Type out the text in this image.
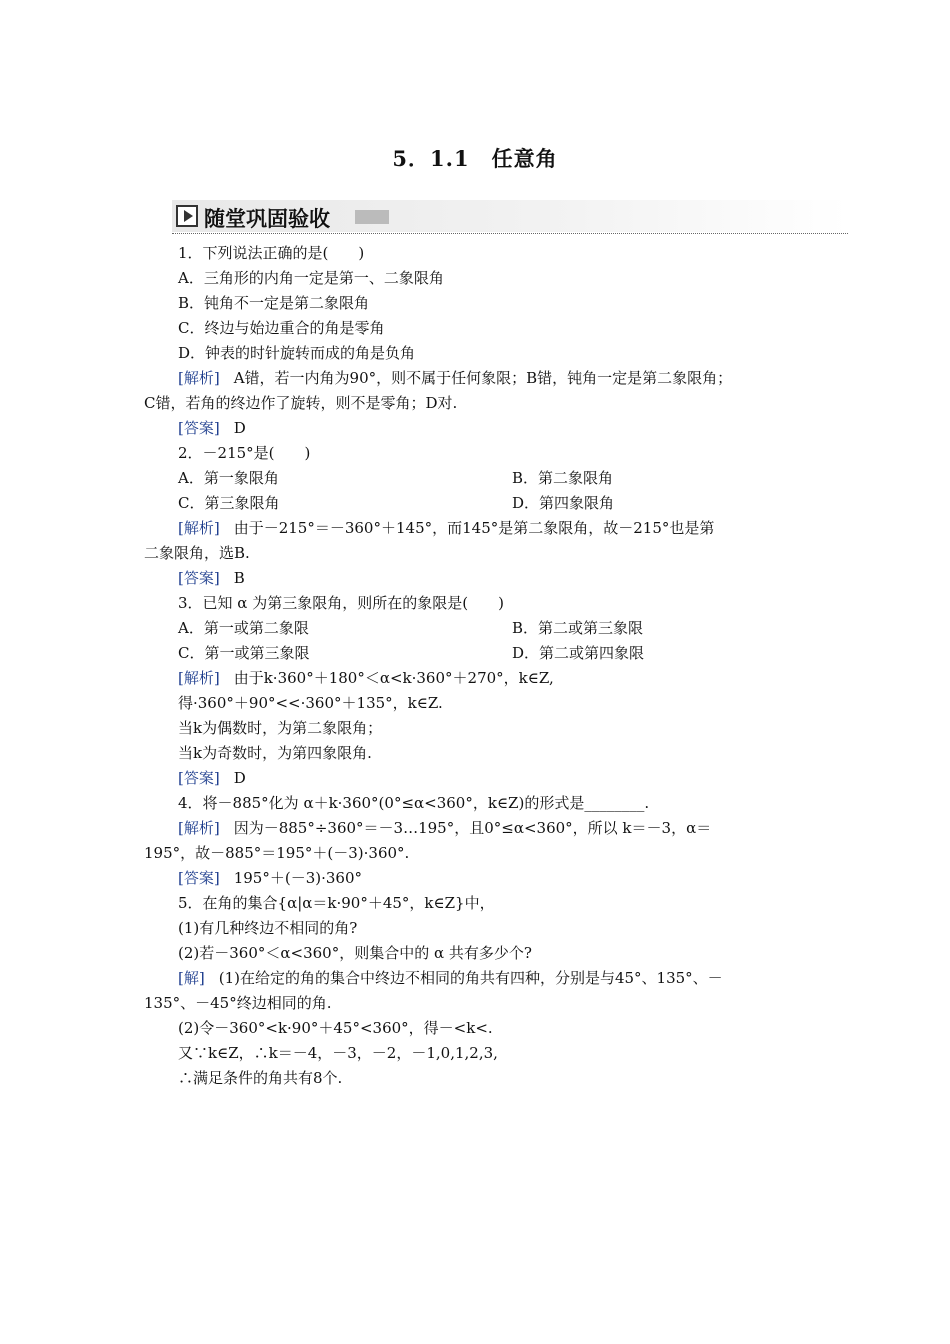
5．1.1　任意角
随堂巩固验收
1．下列说法正确的是(　　)
A．三角形的内角一定是第一、二象限角
B．钝角不一定是第二象限角
C．终边与始边重合的角是零角
D．钟表的时针旋转而成的角是负角
[解析] A错，若一内角为90°，则不属于任何象限；B错，钝角一定是第二象限角；
C错，若角的终边作了旋转，则不是零角；D对.
[答案] D
2．－215°是(　　)
A．第一象限角	B．第二象限角
C．第三象限角	D．第四象限角
[解析] 由于－215°＝－360°＋145°，而145°是第二象限角，故－215°也是第
二象限角，选B.
[答案] B
3．已知 α 为第三象限角，则所在的象限是(　　)
A．第一或第二象限	B．第二或第三象限
C．第一或第三象限	D．第二或第四象限
[解析] 由于k·360°＋180°＜α<k·360°＋270°，k∈Z,
得·360°＋90°<<·360°＋135°，k∈Z.
当k为偶数时，为第二象限角；
当k为奇数时，为第四象限角.
[答案] D
4．将－885°化为 α＋k·360°(0°≤α<360°，k∈Z)的形式是________.
[解析] 因为－885°÷360°＝－3…195°，且0°≤α<360°，所以 k＝－3，α＝
195°，故－885°＝195°＋(－3)·360°.
[答案] 195°＋(－3)·360°
5．在角的集合{α|α＝k·90°＋45°，k∈Z}中，
(1)有几种终边不相同的角?
(2)若－360°＜α<360°，则集合中的 α 共有多少个?
[解] (1)在给定的角的集合中终边不相同的角共有四种，分别是与45°、135°、－
135°、－45°终边相同的角.
(2)令－360°<k·90°＋45°<360°，得－<k<.
又∵k∈Z，∴k＝－4，－3，－2，－1,0,1,2,3,
∴满足条件的角共有8个.
